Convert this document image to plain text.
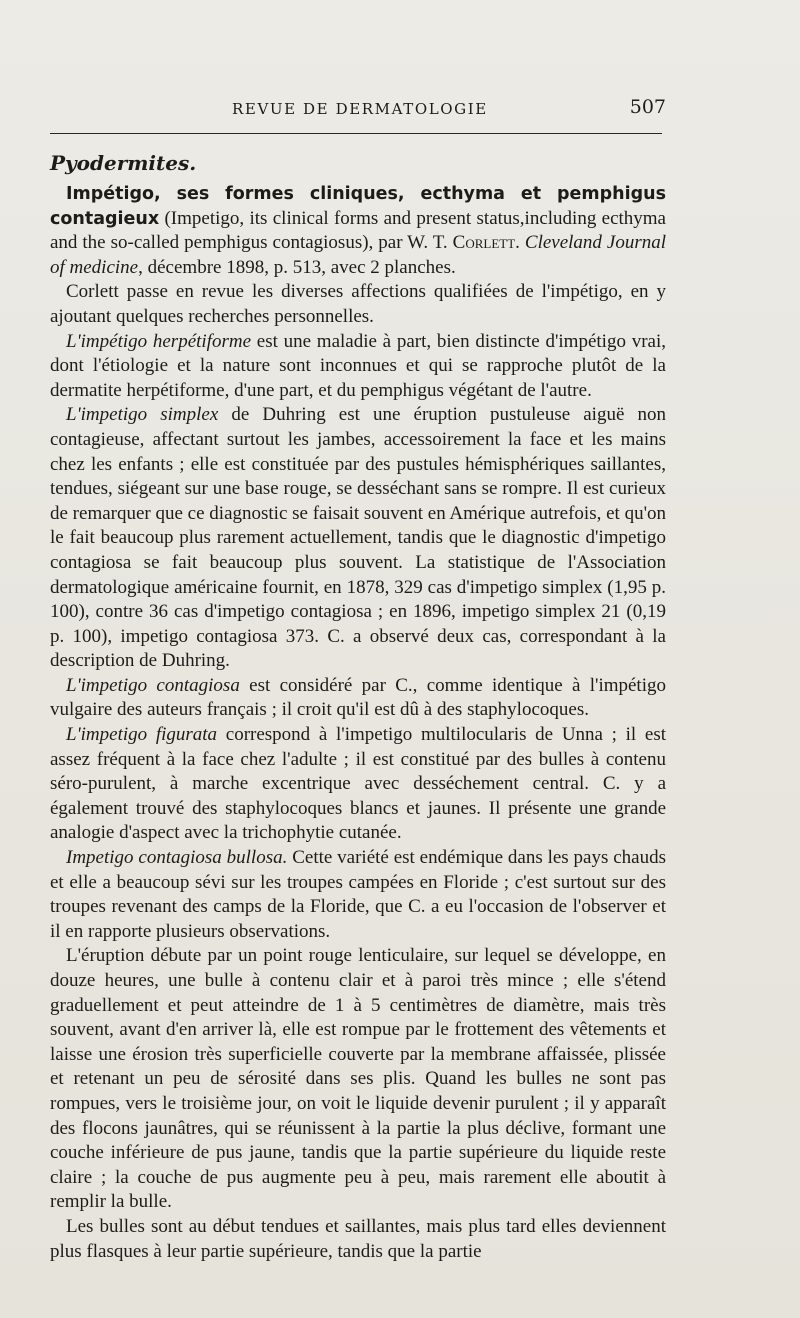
REVUE DE DERMATOLOGIE	507
Pyodermites.

Impétigo, ses formes cliniques, ecthyma et pemphigus contagieux (Impetigo, its clinical forms and present status,including ecthyma and the so-called pemphigus contagiosus), par W. T. Corlett. Cleveland Journal of medicine, décembre 1898, p. 513, avec 2 planches.

Corlett passe en revue les diverses affections qualifiées de l'impétigo, en y ajoutant quelques recherches personnelles.

L'impétigo herpétiforme est une maladie à part, bien distincte d'impétigo vrai, dont l'étiologie et la nature sont inconnues et qui se rapproche plutôt de la dermatite herpétiforme, d'une part, et du pemphigus végétant de l'autre.

L'impetigo simplex de Duhring est une éruption pustuleuse aiguë non contagieuse, affectant surtout les jambes, accessoirement la face et les mains chez les enfants ; elle est constituée par des pustules hémisphériques saillantes, tendues, siégeant sur une base rouge, se desséchant sans se rompre. Il est curieux de remarquer que ce diagnostic se faisait souvent en Amérique autrefois, et qu'on le fait beaucoup plus rarement actuellement, tandis que le diagnostic d'impetigo contagiosa se fait beaucoup plus souvent. La statistique de l'Association dermatologique américaine fournit, en 1878, 329 cas d'impetigo simplex (1,95 p. 100), contre 36 cas d'impetigo contagiosa ; en 1896, impetigo simplex 21 (0,19 p. 100), impetigo contagiosa 373. C. a observé deux cas, correspondant à la description de Duhring.

L'impetigo contagiosa est considéré par C., comme identique à l'impétigo vulgaire des auteurs français ; il croit qu'il est dû à des staphylocoques.

L'impetigo figurata correspond à l'impetigo multilocularis de Unna ; il est assez fréquent à la face chez l'adulte ; il est constitué par des bulles à contenu séro-purulent, à marche excentrique avec desséchement central. C. y a également trouvé des staphylocoques blancs et jaunes. Il présente une grande analogie d'aspect avec la trichophytie cutanée.

Impetigo contagiosa bullosa. Cette variété est endémique dans les pays chauds et elle a beaucoup sévi sur les troupes campées en Floride ; c'est surtout sur des troupes revenant des camps de la Floride, que C. a eu l'occasion de l'observer et il en rapporte plusieurs observations.

L'éruption débute par un point rouge lenticulaire, sur lequel se développe, en douze heures, une bulle à contenu clair et à paroi très mince ; elle s'étend graduellement et peut atteindre de 1 à 5 centimètres de diamètre, mais très souvent, avant d'en arriver là, elle est rompue par le frottement des vêtements et laisse une érosion très superficielle couverte par la membrane affaissée, plissée et retenant un peu de sérosité dans ses plis. Quand les bulles ne sont pas rompues, vers le troisième jour, on voit le liquide devenir purulent ; il y apparaît des flocons jaunâtres, qui se réunissent à la partie la plus déclive, formant une couche inférieure de pus jaune, tandis que la partie supérieure du liquide reste claire ; la couche de pus augmente peu à peu, mais rarement elle aboutit à remplir la bulle.

Les bulles sont au début tendues et saillantes, mais plus tard elles deviennent plus flasques à leur partie supérieure, tandis que la partie
